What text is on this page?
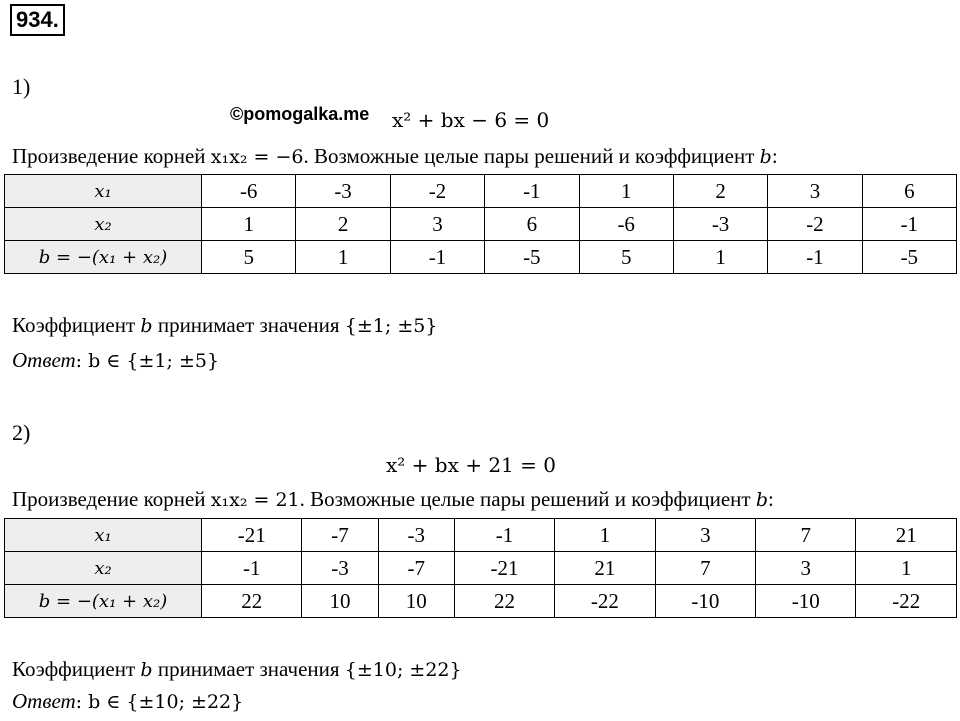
934.
1)
©pomogalka.me x² + bx − 6 = 0
Произведение корней x₁x₂ = −6. Возможные целые пары решений и коэффициент b:
x₁	-6	-3	-2	-1	1	2	3	6
x₂	1	2	3	6	-6	-3	-2	-1
b = −(x₁ + x₂)	5	1	-1	-5	5	1	-1	-5
Коэффициент b принимает значения {±1; ±5}
Ответ: b ∈ {±1; ±5}
2)
x² + bx + 21 = 0
Произведение корней x₁x₂ = 21. Возможные целые пары решений и коэффициент b:
x₁	-21	-7	-3	-1	1	3	7	21
x₂	-1	-3	-7	-21	21	7	3	1
b = −(x₁ + x₂)	22	10	10	22	-22	-10	-10	-22
Коэффициент b принимает значения {±10; ±22}
Ответ: b ∈ {±10; ±22}
